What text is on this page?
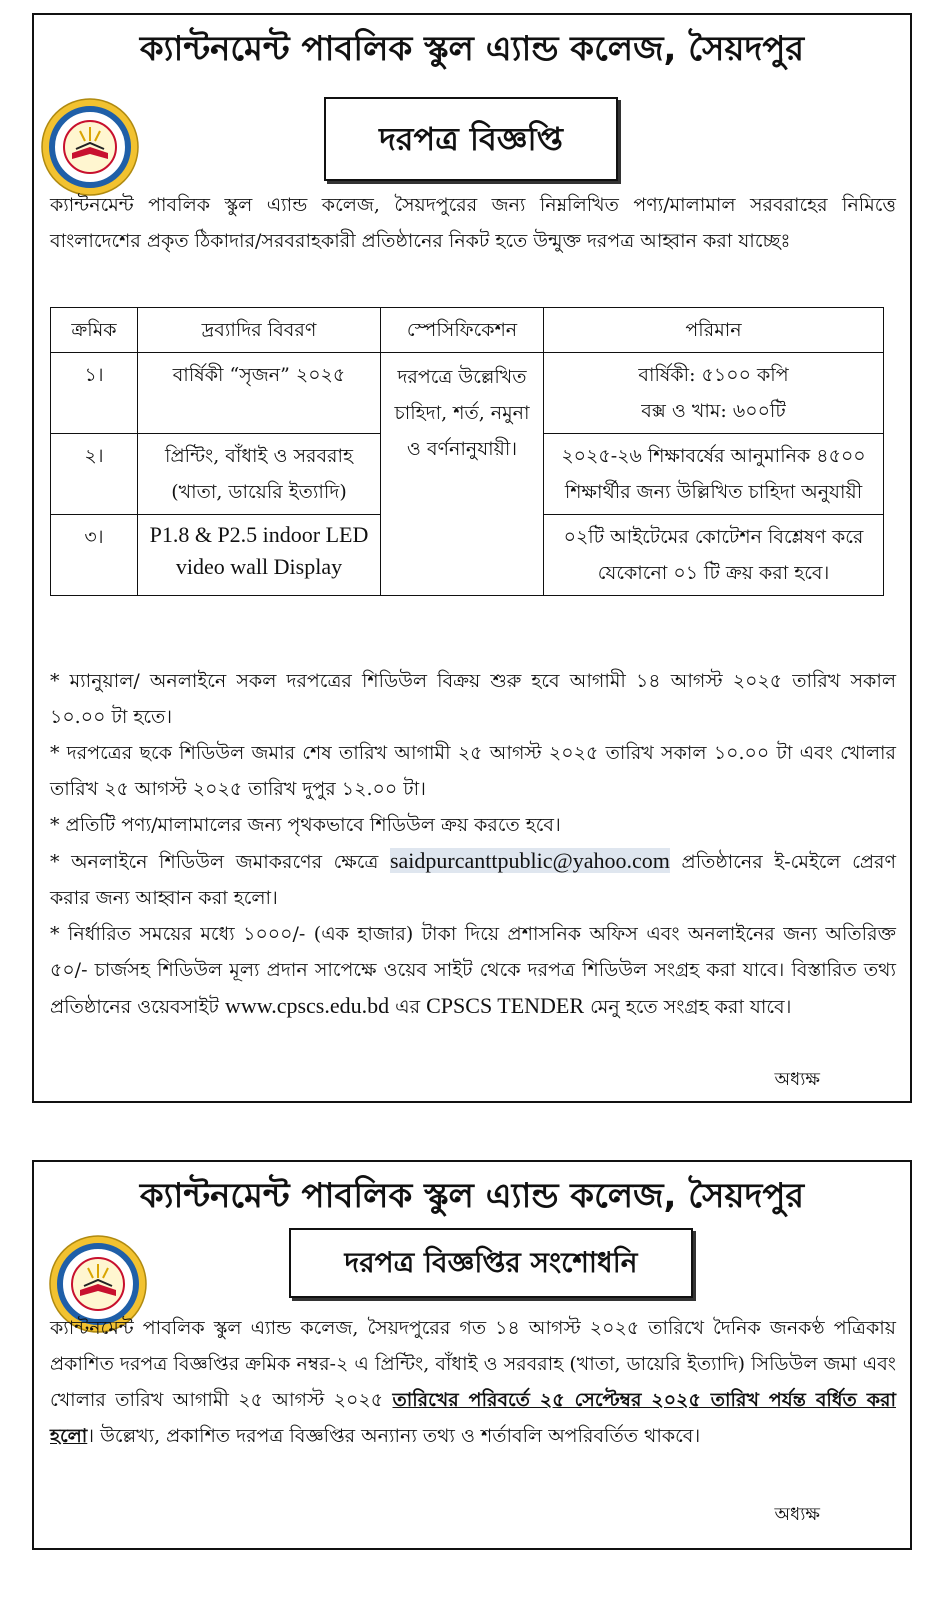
ক্যান্টনমেন্ট পাবলিক স্কুল এ্যান্ড কলেজ, সৈয়দপুর
দরপত্র বিজ্ঞপ্তি
ক্যান্টনমেন্ট পাবলিক স্কুল এ্যান্ড কলেজ, সৈয়দপুরের জন্য নিম্নলিখিত পণ্য/মালামাল সরবরাহের নিমিত্তে বাংলাদেশের প্রকৃত ঠিকাদার/সরবরাহকারী প্রতিষ্ঠানের নিকট হতে উন্মুক্ত দরপত্র আহ্বান করা যাচ্ছেঃ
ক্রমিক	দ্রব্যাদির বিবরণ	স্পেসিফিকেশন	পরিমান
১।	বার্ষিকী “সৃজন” ২০২৫	দরপত্রে উল্লেখিত চাহিদা, শর্ত, নমুনা ও বর্ণনানুযায়ী।	বার্ষিকী: ৫১০০ কপি
বক্স ও খাম: ৬০০টি

২।	প্রিন্টিং, বাঁধাই ও সরবরাহ (খাতা, ডায়েরি ইত্যাদি)		২০২৫-২৬ শিক্ষাবর্ষের আনুমানিক ৪৫০০ শিক্ষার্থীর জন্য উল্লিখিত চাহিদা অনুযায়ী
৩।	P1.8 & P2.5 indoor LED video wall Display		০২টি আইটেমের কোটেশন বিশ্লেষণ করে যেকোনো ০১ টি ক্রয় করা হবে।

* ম্যানুয়াল/ অনলাইনে সকল দরপত্রের শিডিউল বিক্রয় শুরু হবে আগামী ১৪ আগস্ট ২০২৫ তারিখ সকাল ১০.০০ টা হতে।

* দরপত্রের ছকে শিডিউল জমার শেষ তারিখ আগামী ২৫ আগস্ট ২০২৫ তারিখ সকাল ১০.০০ টা এবং খোলার তারিখ ২৫ আগস্ট ২০২৫ তারিখ দুপুর ১২.০০ টা।

* প্রতিটি পণ্য/মালামালের জন্য পৃথকভাবে শিডিউল ক্রয় করতে হবে।

* অনলাইনে শিডিউল জমাকরণের ক্ষেত্রে saidpurcanttpublic@yahoo.com প্রতিষ্ঠানের ই-মেইলে প্রেরণ করার জন্য আহ্বান করা হলো।

* নির্ধারিত সময়ের মধ্যে ১০০০/- (এক হাজার) টাকা দিয়ে প্রশাসনিক অফিস এবং অনলাইনের জন্য অতিরিক্ত ৫০/- চার্জসহ শিডিউল মূল্য প্রদান সাপেক্ষে ওয়েব সাইট থেকে দরপত্র শিডিউল সংগ্রহ করা যাবে। বিস্তারিত তথ্য প্রতিষ্ঠানের ওয়েবসাইট www.cpscs.edu.bd এর CPSCS TENDER মেনু হতে সংগ্রহ করা যাবে।

অধ্যক্ষ
ক্যান্টনমেন্ট পাবলিক স্কুল এ্যান্ড কলেজ, সৈয়দপুর
দরপত্র বিজ্ঞপ্তির সংশোধনি
ক্যান্টনমেন্ট পাবলিক স্কুল এ্যান্ড কলেজ, সৈয়দপুরের গত ১৪ আগস্ট ২০২৫ তারিখে দৈনিক জনকণ্ঠ পত্রিকায় প্রকাশিত দরপত্র বিজ্ঞপ্তির ক্রমিক নম্বর-২ এ প্রিন্টিং, বাঁধাই ও সরবরাহ (খাতা, ডায়েরি ইত্যাদি) সিডিউল জমা এবং খোলার তারিখ আগামী ২৫ আগস্ট ২০২৫ তারিখের পরিবর্তে ২৫ সেপ্টেম্বর ২০২৫ তারিখ পর্যন্ত বর্ধিত করা হলো। উল্লেখ্য, প্রকাশিত দরপত্র বিজ্ঞপ্তির অন্যান্য তথ্য ও শর্তাবলি অপরিবর্তিত থাকবে।
অধ্যক্ষ
